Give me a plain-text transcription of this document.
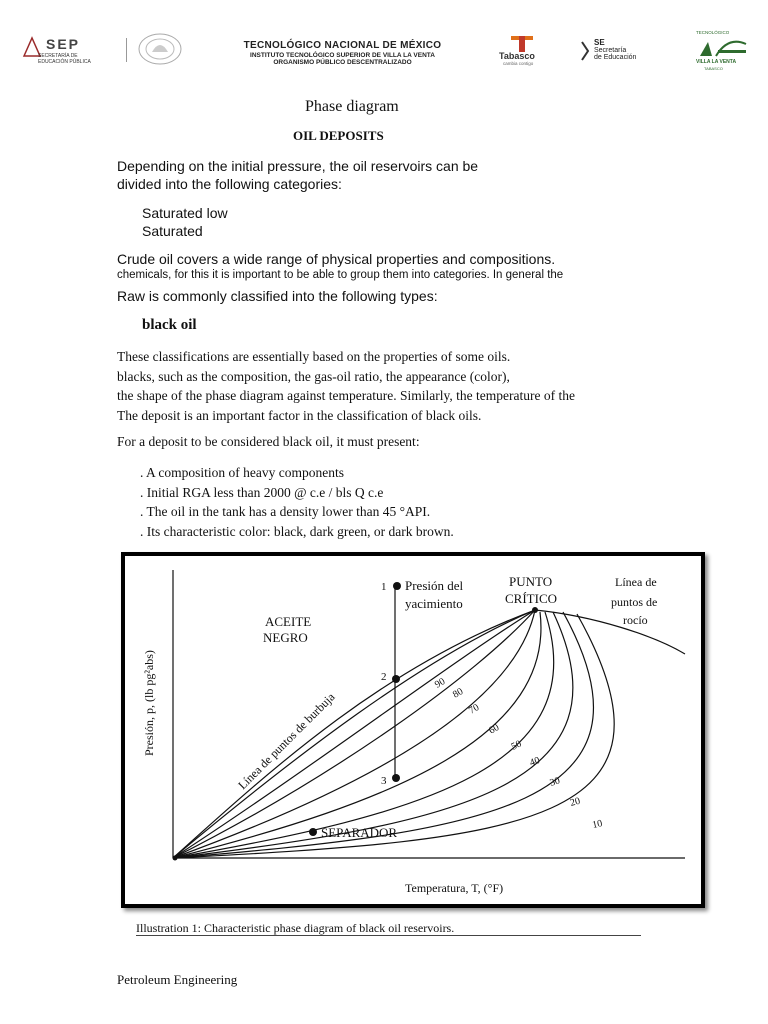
SEP
SECRETARÍA DE
EDUCACIÓN PÚBLICA
TECNOLÓGICO NACIONAL DE MÉXICO
INSTITUTO TECNOLÓGICO SUPERIOR DE VILLA LA VENTA
ORGANISMO PÚBLICO DESCENTRALIZADO
Tabasco
cambia contigo
SE
Secretaría
de Educación
TECNOLÓGICO
VILLA LA VENTA
TABASCO
Phase diagram
OIL DEPOSITS
Depending on the initial pressure, the oil reservoirs can be
divided into the following categories:
Saturated low
Saturated
Crude oil covers a wide range of physical properties and compositions.
chemicals, for this it is important to be able to group them into categories. In general the
Raw is commonly classified into the following types:
black oil
These classifications are essentially based on the properties of some oils.
blacks, such as the composition, the gas-oil ratio, the appearance (color),
the shape of the phase diagram against temperature. Similarly, the temperature of the
The deposit is an important factor in the classification of black oils.
For a deposit to be considered black oil, it must present:
. A composition of heavy components
. Initial RGA less than 2000 @ c.e / bls Q c.e
. The oil in the tank has a density lower than 45 °API.
. Its characteristic color: black, dark green, or dark brown.
1
2
3
Presión, p, (lb pg²abs)
Temperatura, T, (°F)
ACEITE
NEGRO
Presión del
yacimiento
PUNTO
CRÍTICO
Línea de
puntos de
rocío
Línea de puntos de burbuja
SEPARADOR
90
80
70
60
50
40
30
20
10
Illustration 1: Characteristic phase diagram of black oil reservoirs.
Petroleum Engineering
